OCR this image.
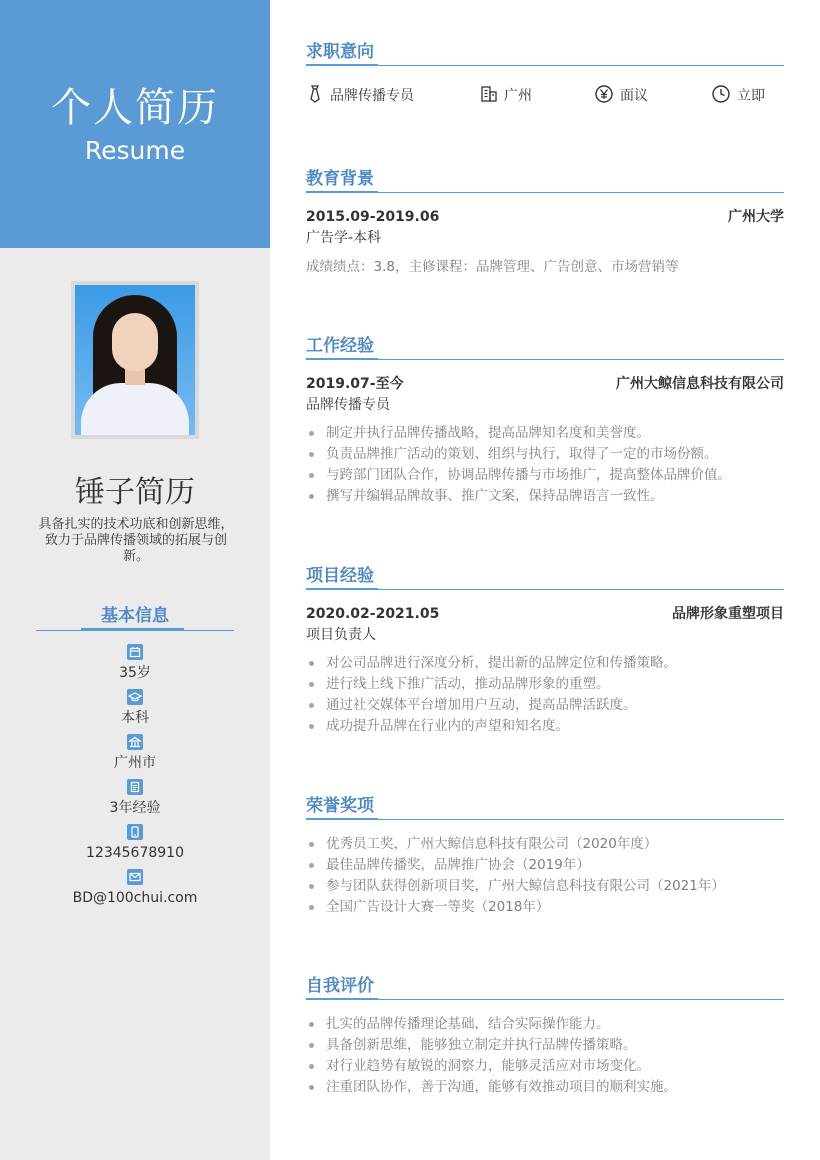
个人简历
Resume
锤子简历
具备扎实的技术功底和创新思维，致力于品牌传播领域的拓展与创新。
基本信息
35岁
本科
广州市
3年经验
12345678910
BD@100chui.com
求职意向
品牌传播专员	广州	面议	立即
教育背景
2015.09-2019.06	广州大学
广告学-本科
成绩绩点：3.8，主修课程：品牌管理、广告创意、市场营销等
工作经验
2019.07-至今	广州大鲸信息科技有限公司
品牌传播专员
制定并执行品牌传播战略，提高品牌知名度和美誉度。
负责品牌推广活动的策划、组织与执行，取得了一定的市场份额。
与跨部门团队合作，协调品牌传播与市场推广，提高整体品牌价值。
撰写并编辑品牌故事、推广文案，保持品牌语言一致性。
项目经验
2020.02-2021.05	品牌形象重塑项目
项目负责人
对公司品牌进行深度分析，提出新的品牌定位和传播策略。
进行线上线下推广活动，推动品牌形象的重塑。
通过社交媒体平台增加用户互动，提高品牌活跃度。
成功提升品牌在行业内的声望和知名度。
荣誉奖项
优秀员工奖，广州大鲸信息科技有限公司（2020年度）
最佳品牌传播奖，品牌推广协会（2019年）
参与团队获得创新项目奖，广州大鲸信息科技有限公司（2021年）
全国广告设计大赛一等奖（2018年）
自我评价
扎实的品牌传播理论基础，结合实际操作能力。
具备创新思维，能够独立制定并执行品牌传播策略。
对行业趋势有敏锐的洞察力，能够灵活应对市场变化。
注重团队协作，善于沟通，能够有效推动项目的顺利实施。
